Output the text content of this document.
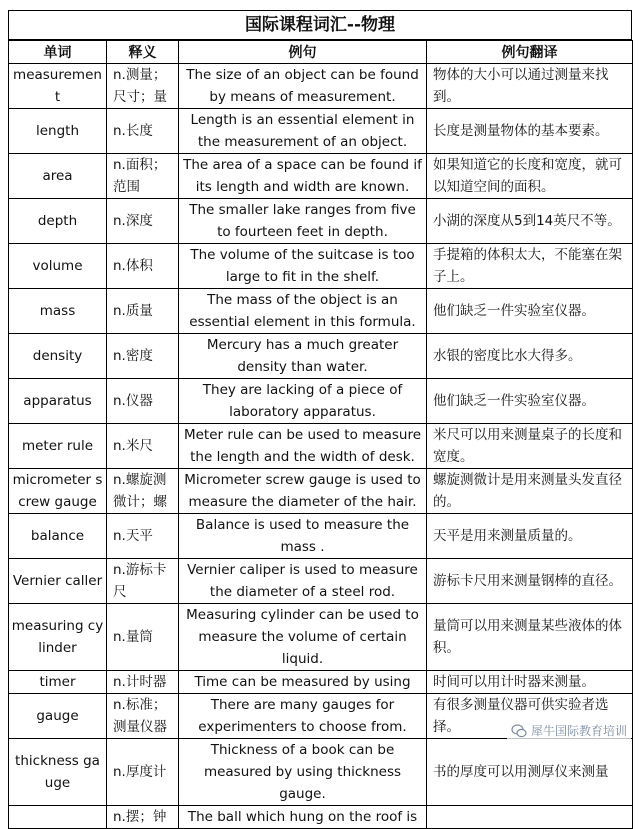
国际课程词汇--物理
单词	释义	例句	例句翻译
measurement	n.测量；尺寸；量	The size of an object can be found by means of measurement.	物体的大小可以通过测量来找到。
length	n.长度	Length is an essential element in the measurement of an object.	长度是测量物体的基本要素。
area	n.面积；范围	The area of a space can be found if its length and width are known.	如果知道它的长度和宽度，就可以知道空间的面积。
depth	n.深度	The smaller lake ranges from five to fourteen feet in depth.	小湖的深度从5到14英尺不等。
volume	n.体积	The volume of the suitcase is too large to fit in the shelf.	手提箱的体积太大，不能塞在架子上。
mass	n.质量	The mass of the object is an essential element in this formula.	他们缺乏一件实验室仪器。
density	n.密度	Mercury has a much greater density than water.	水银的密度比水大得多。
apparatus	n.仪器	They are lacking of a piece of laboratory apparatus.	他们缺乏一件实验室仪器。
meter rule	n.米尺	Meter rule can be used to measure the length and the width of desk.	米尺可以用来测量桌子的长度和宽度。
micrometer screw gauge	n.螺旋测微计；螺	Micrometer screw gauge is used to measure the diameter of the hair.	螺旋测微计是用来测量头发直径的。
balance	n.天平	Balance is used to measure the mass .	天平是用来测量质量的。
Vernier caller	n.游标卡尺	Vernier caliper is used to measure the diameter of a steel rod.	游标卡尺用来测量钢棒的直径。
measuring cylinder	n.量筒	Measuring cylinder can be used to measure the volume of certain liquid.	量筒可以用来测量某些液体的体积。
timer	n.计时器	Time can be measured by using	时间可以用计时器来测量。
gauge	n.标准；测量仪器	There are many gauges for experimenters to choose from.	有很多测量仪器可供实验者选择。
thickness gauge	n.厚度计	Thickness of a book can be measured by using thickness gauge.	书的厚度可以用测厚仪来测量
	n.摆；钟	The ball which hung on the roof is	
犀牛国际教育培训
